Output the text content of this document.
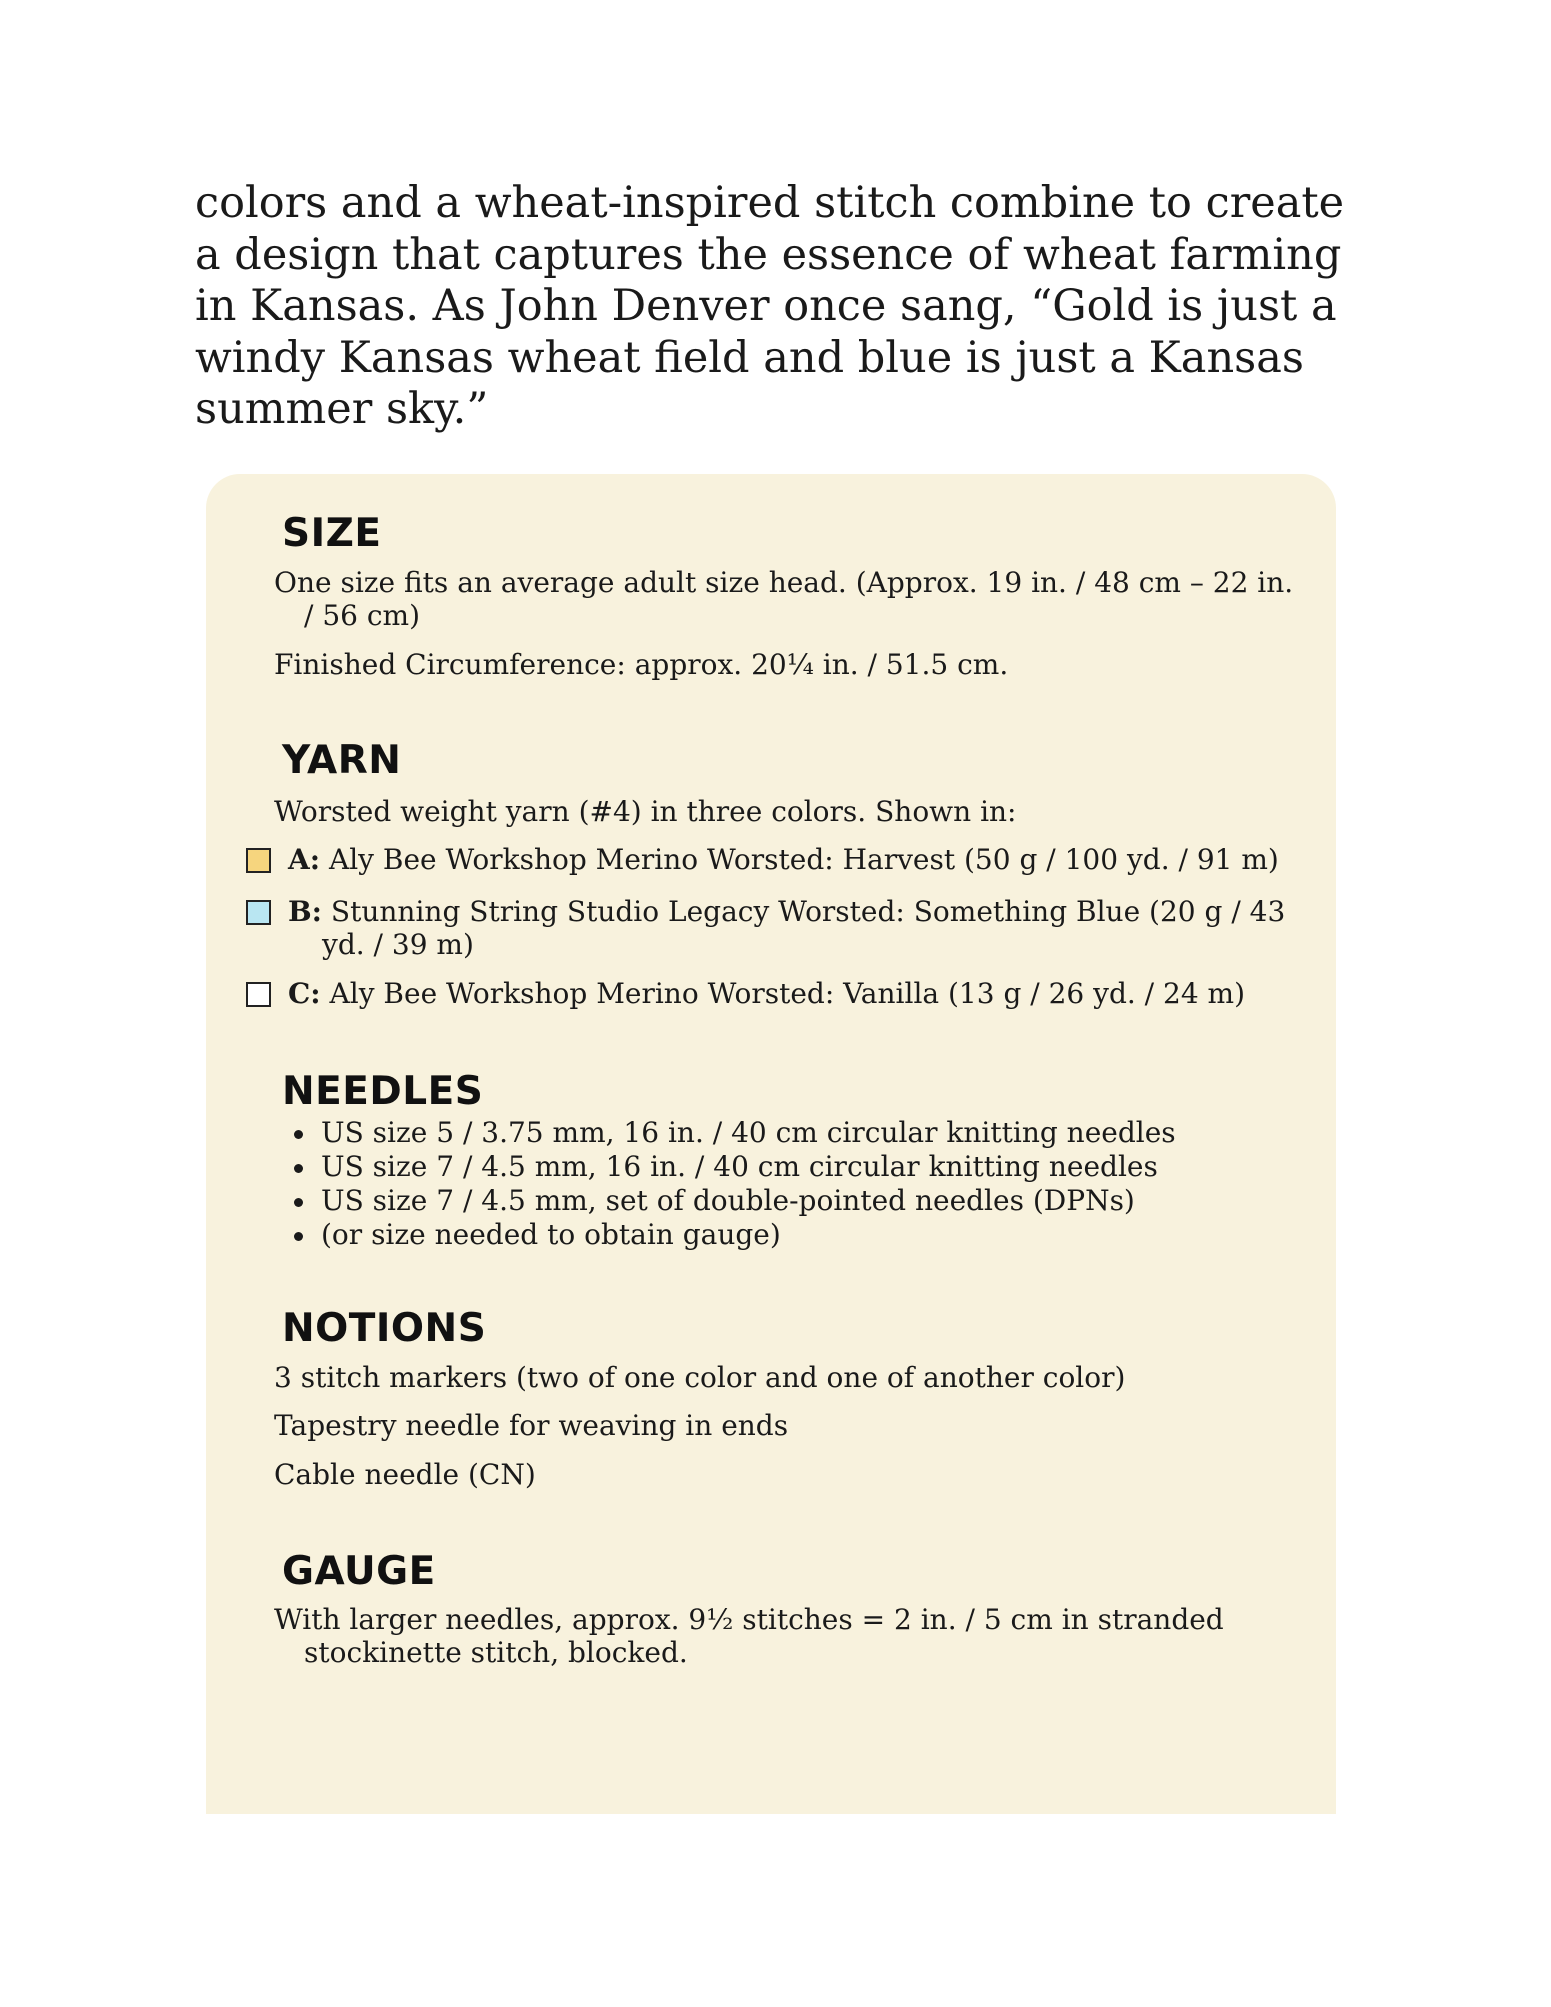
colors and a wheat-inspired stitch combine to create a design that captures the essence of wheat farming in Kansas. As John Denver once sang, “Gold is just a windy Kansas wheat field and blue is just a Kansas summer sky.”

SIZE

One size fits an average adult size head. (Approx. 19 in. / 48 cm – 22 in. / 56 cm)

Finished Circumference: approx. 20¼ in. / 51.5 cm.

YARN

Worsted weight yarn (#4) in three colors. Shown in:

A: Aly Bee Workshop Merino Worsted: Harvest (50 g / 100 yd. / 91 m)
B: Stunning String Studio Legacy Worsted: Something Blue (20 g / 43 yd. / 39 m)
C: Aly Bee Workshop Merino Worsted: Vanilla (13 g / 26 yd. / 24 m)
NEEDLES
US size 5 / 3.75 mm, 16 in. / 40 cm circular knitting needles
US size 7 / 4.5 mm, 16 in. / 40 cm circular knitting needles
US size 7 / 4.5 mm, set of double-pointed needles (DPNs)
(or size needed to obtain gauge)
NOTIONS

3 stitch markers (two of one color and one of another color)

Tapestry needle for weaving in ends

Cable needle (CN)

GAUGE

With larger needles, approx. 9½ stitches = 2 in. / 5 cm in stranded stockinette stitch, blocked.
